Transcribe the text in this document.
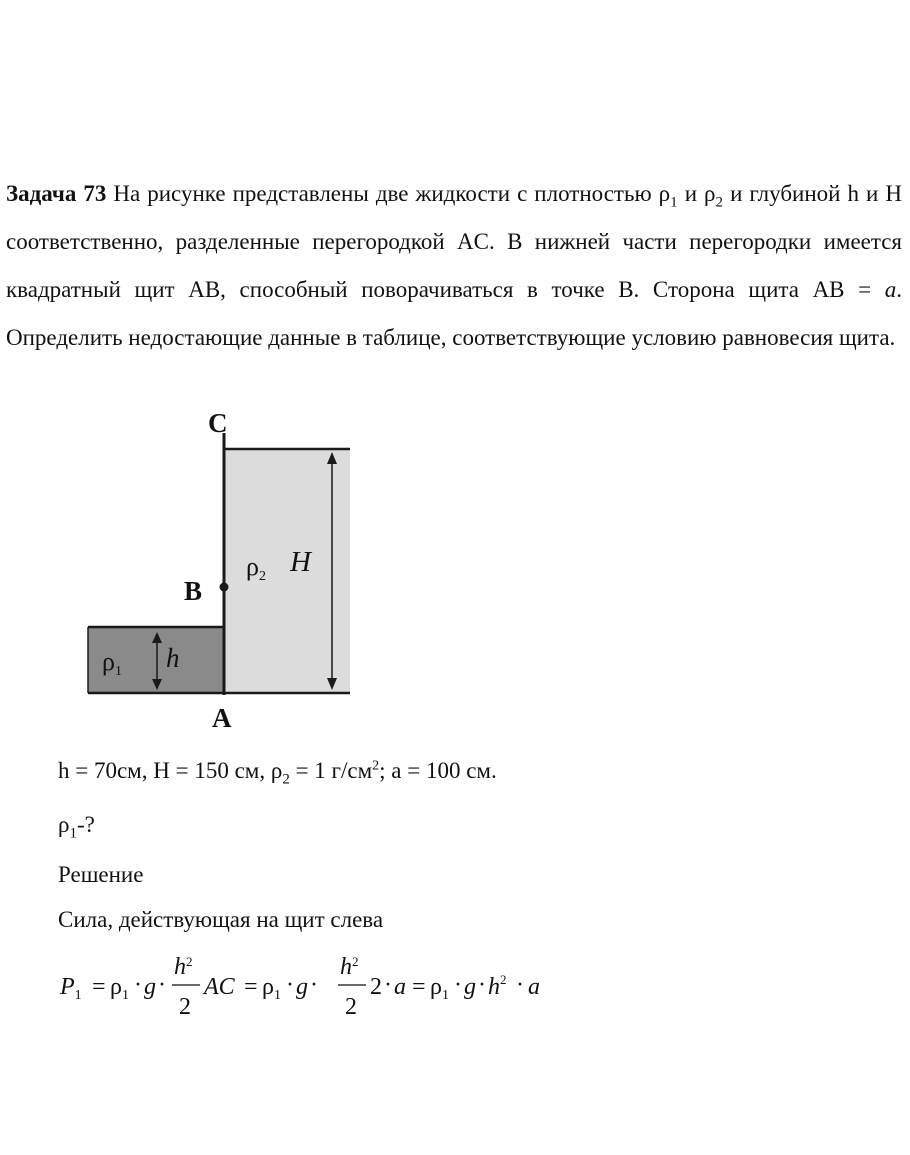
Задача 73 На рисунке представлены две жидкости с плотностью $\rho_1$ и $\rho_2$ и глубиной h и H соответственно, разделенные перегородкой AC. В нижней части перегородки имеется квадратный щит AB, способный поворачиваться в точке B. Сторона щита AB = a. Определить недостающие данные в таблице, соответствующие условию равновесия щита.

C
B
A
ρ1 h
ρ2 H

h = 70см, H = 150 см, $\rho_2 = 1$ $г/см^2$; a = 100 см.

$\rho_1-$?

Решение

Сила, действующая на щит слева

$P_1 = \rho_1 \cdot g$ ·
$h^2$
2
AC = $\rho_1 \cdot g$ ·
$h^2$
2
$2 \cdot a = \rho_1 \cdot g \cdot h^2 \cdot a$
